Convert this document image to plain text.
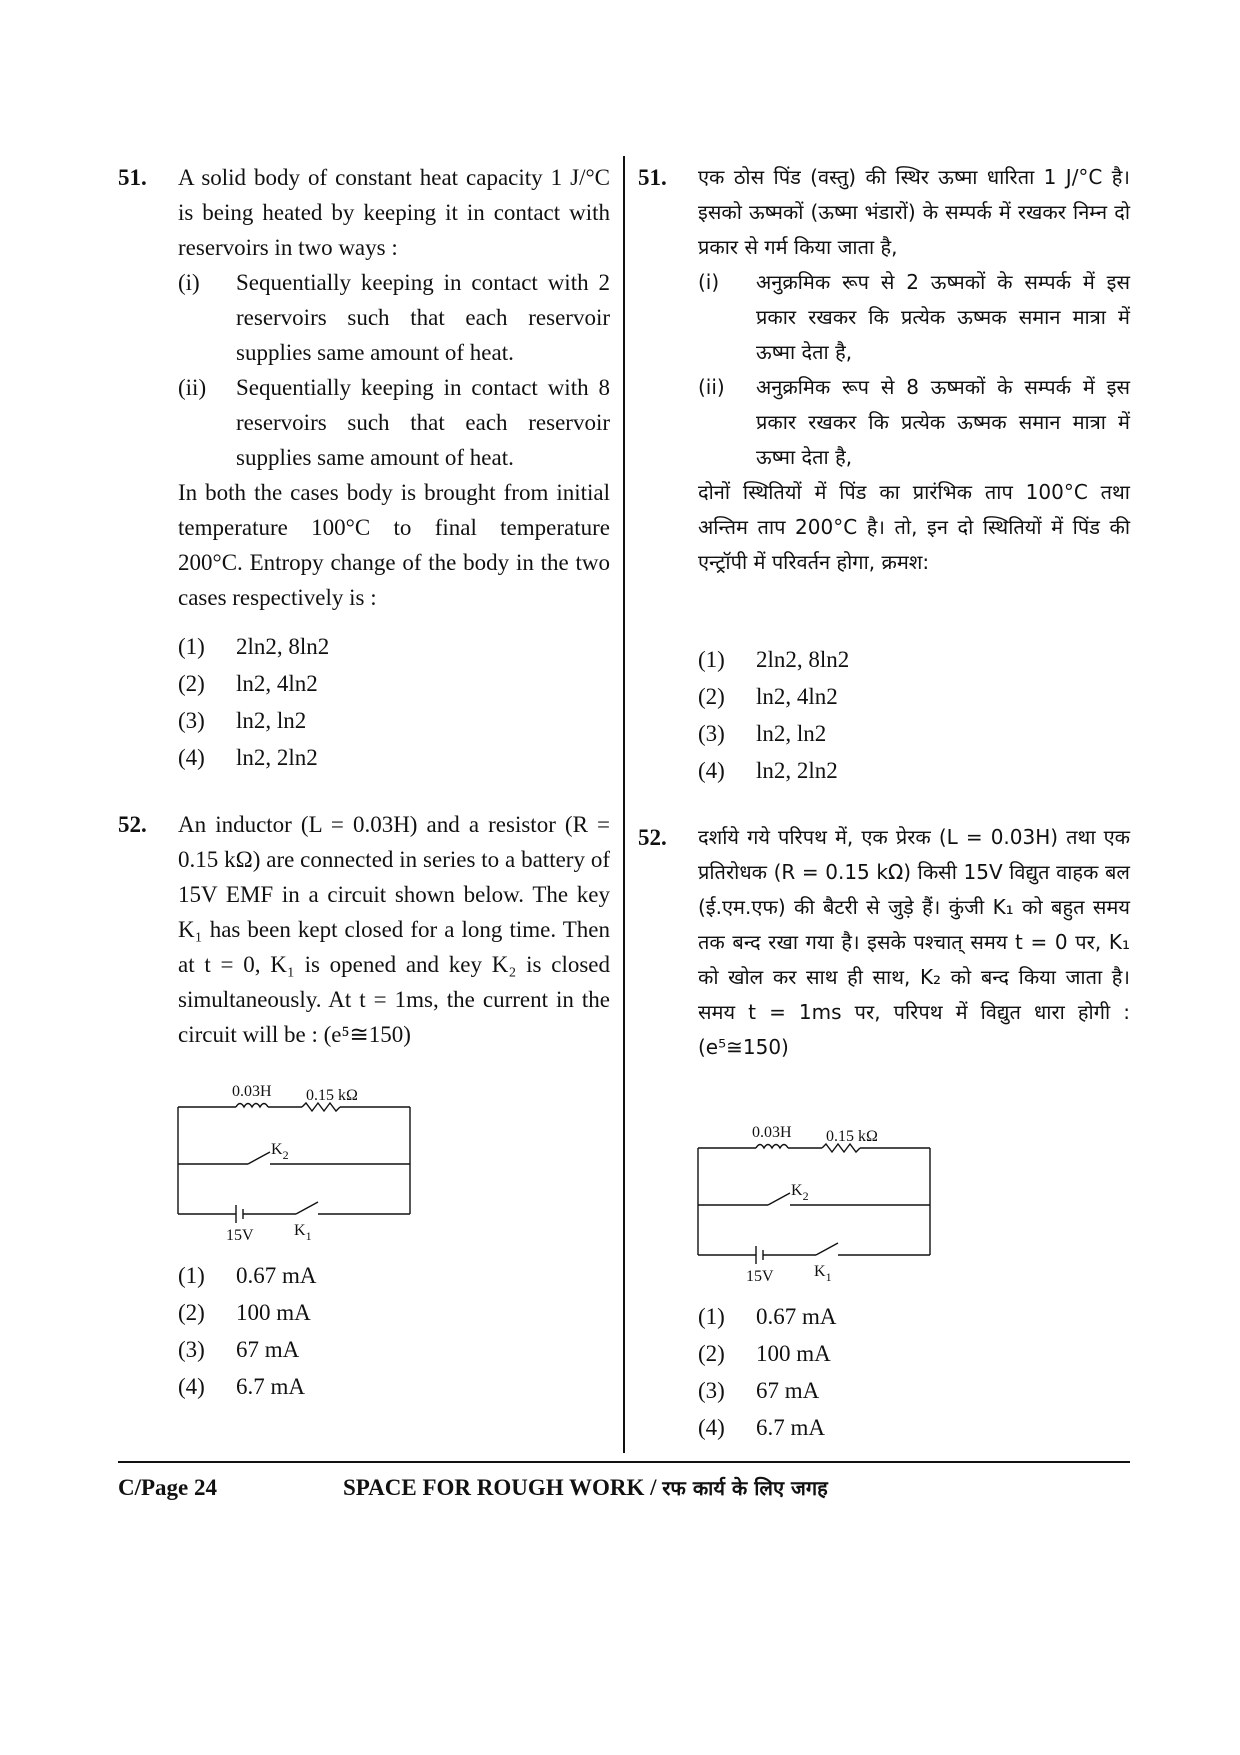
51. A solid body of constant heat capacity 1 J/°C is being heated by keeping it in contact with reservoirs in two ways :
(i) Sequentially keeping in contact with 2 reservoirs such that each reservoir supplies same amount of heat.
(ii) Sequentially keeping in contact with 8 reservoirs such that each reservoir supplies same amount of heat.
In both the cases body is brought from initial temperature 100°C to final temperature 200°C. Entropy change of the body in the two cases respectively is :
(1) 2ln2, 8ln2
(2) ln2, 4ln2
(3) ln2, ln2
(4) ln2, 2ln2
52. An inductor (L = 0.03H) and a resistor (R = 0.15 kΩ) are connected in series to a battery of 15V EMF in a circuit shown below. The key K₁ has been kept closed for a long time. Then at t = 0, K₁ is opened and key K₂ is closed simultaneously. At t = 1ms, the current in the circuit will be : (e⁵≅150)
0.03H 0.15 kΩ
$K_2$
15V	$K_1$
(1) 0.67 mA
(2) 100 mA
(3) 67 mA
(4) 6.7 mA
51. एक ठोस पिंड (वस्तु) की स्थिर ऊष्मा धारिता 1 J/°C है। इसको ऊष्मकों (ऊष्मा भंडारों) के सम्पर्क में रखकर निम्न दो प्रकार से गर्म किया जाता है,
(i) अनुक्रमिक रूप से 2 ऊष्मकों के सम्पर्क में इस प्रकार रखकर कि प्रत्येक ऊष्मक समान मात्रा में ऊष्मा देता है,
(ii) अनुक्रमिक रूप से 8 ऊष्मकों के सम्पर्क में इस प्रकार रखकर कि प्रत्येक ऊष्मक समान मात्रा में ऊष्मा देता है,
दोनों स्थितियों में पिंड का प्रारंभिक ताप 100°C तथा अन्तिम ताप 200°C है। तो, इन दो स्थितियों में पिंड की एन्ट्रॉपी में परिवर्तन होगा, क्रमश:
(1) 2ln2, 8ln2
(2) ln2, 4ln2
(3) ln2, ln2
(4) ln2, 2ln2
52. दर्शाये गये परिपथ में, एक प्रेरक (L = 0.03H) तथा एक प्रतिरोधक (R = 0.15 kΩ) किसी 15V विद्युत वाहक बल (ई.एम.एफ) की बैटरी से जुड़े हैं। कुंजी K₁ को बहुत समय तक बन्द रखा गया है। इसके पश्चात् समय t = 0 पर, K₁ को खोल कर साथ ही साथ, K₂ को बन्द किया जाता है। समय t = 1ms पर, परिपथ में विद्युत धारा होगी : (e⁵≅150)
0.03H 0.15 kΩ
$K_2$
15V	$K_1$
(1) 0.67 mA
(2) 100 mA
(3) 67 mA
(4) 6.7 mA
C/Page 24	SPACE FOR ROUGH WORK / रफ कार्य के लिए जगह
